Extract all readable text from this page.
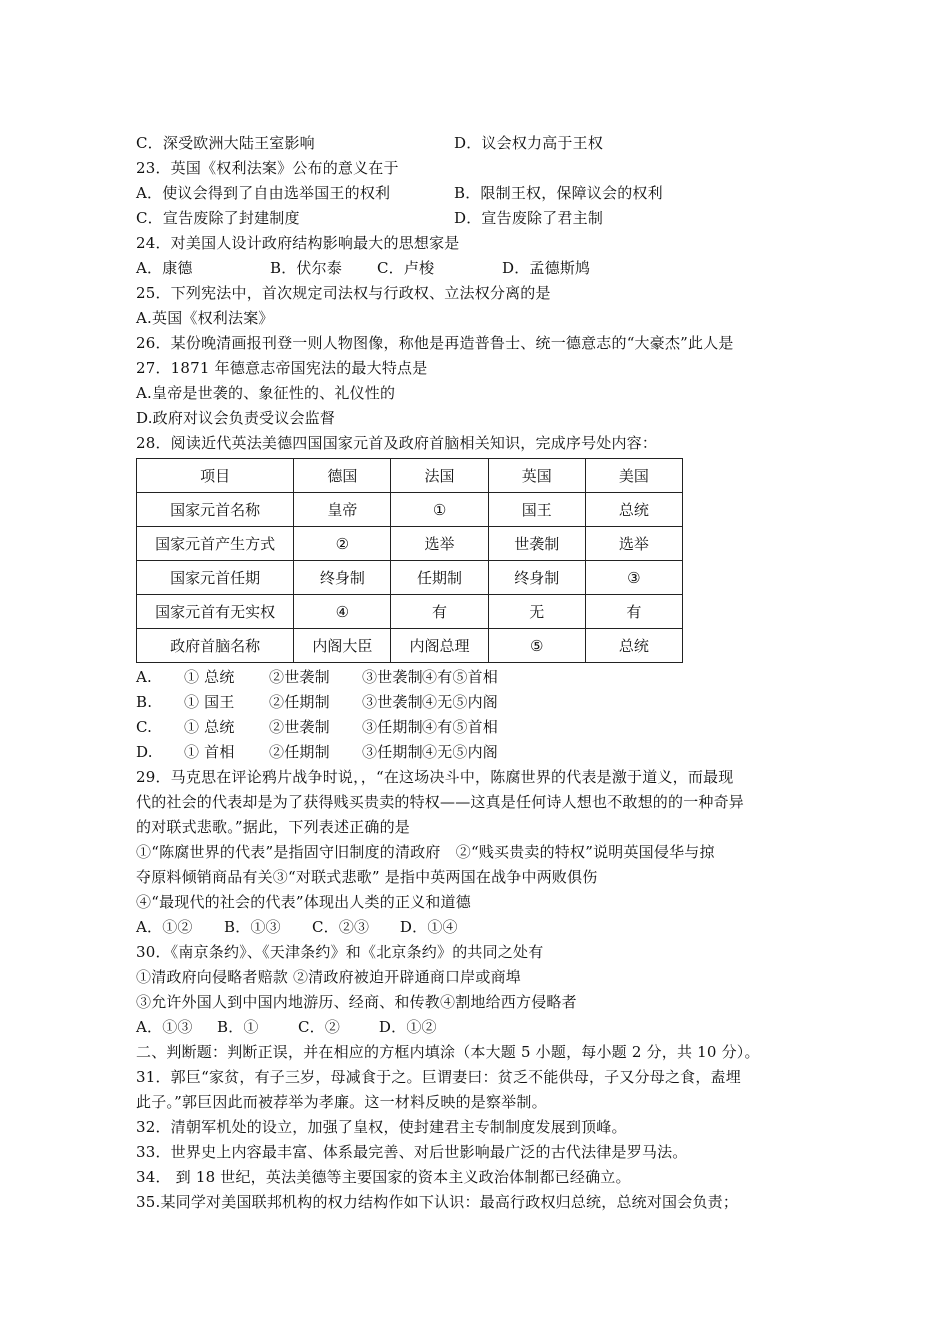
C．深受欧洲大陆王室影响	D．议会权力高于王权
23．英国《权利法案》公布的意义在于
A．使议会得到了自由选举国王的权利	B．限制王权，保障议会的权利
C．宣告废除了封建制度	D．宣告废除了君主制
24．对美国人设计政府结构影响最大的思想家是
A．康德	B．伏尔泰	C．卢梭	D．孟德斯鸠
25．下列宪法中，首次规定司法权与行政权、立法权分离的是
A.英国《权利法案》
26．某份晚清画报刊登一则人物图像，称他是再造普鲁士、统一德意志的“大豪杰”此人是
27．1871 年德意志帝国宪法的最大特点是
A.皇帝是世袭的、象征性的、礼仪性的
D.政府对议会负责受议会监督
28．阅读近代英法美德四国国家元首及政府首脑相关知识，完成序号处内容：
项目	德国	法国	英国	美国
国家元首名称	皇帝	①	国王	总统
国家元首产生方式	②	选举	世袭制	选举
国家元首任期	终身制	任期制	终身制	③
国家元首有无实权	④	有	无	有
政府首脑名称	内阁大臣	内阁总理	⑤	总统
A.	① 总统	②世袭制	③世袭制 ④有 ⑤首相
B.	① 国王	②任期制	③世袭制 ④无 ⑤内阁
C.	① 总统	②世袭制	③任期制 ④有 ⑤首相
D.	① 首相	②任期制	③任期制 ④无 ⑤内阁
29．马克思在评论鸦片战争时说，，“在这场决斗中，陈腐世界的代表是激于道义，而最现
代的社会的代表却是为了获得贱买贵卖的特权——这真是任何诗人想也不敢想的的一种奇异
的对联式悲歌。”据此，下列表述正确的是
①“陈腐世界的代表”是指固守旧制度的清政府　②“贱买贵卖的特权”说明英国侵华与掠
夺原料倾销商品有关③“对联式悲歌” 是指中英两国在战争中两败俱伤
④“最现代的社会的代表”体现出人类的正义和道德
A．①② B．①③ C．②③ D．①④
30．《南京条约》、《天津条约》和《北京条约》的共同之处有
①清政府向侵略者赔款 ②清政府被迫开辟通商口岸或商埠
③允许外国人到中国内地游历、经商、和传教④割地给西方侵略者
A．①③ B．①	C．②	D．①②
二、判断题：判断正误，并在相应的方框内填涂（本大题 5 小题，每小题 2 分，共 10 分）。
31．郭巨“家贫，有子三岁，母减食于之。巨谓妻曰：贫乏不能供母，子又分母之食，盍埋
此子。”郭巨因此而被荐举为孝廉。这一材料反映的是察举制。
32．清朝军机处的设立，加强了皇权，使封建君主专制制度发展到顶峰。
33．世界史上内容最丰富、体系最完善、对后世影响最广泛的古代法律是罗马法。
34． 到 18 世纪，英法美德等主要国家的资本主义政治体制都已经确立。
35.某同学对美国联邦机构的权力结构作如下认识：最高行政权归总统，总统对国会负责；
